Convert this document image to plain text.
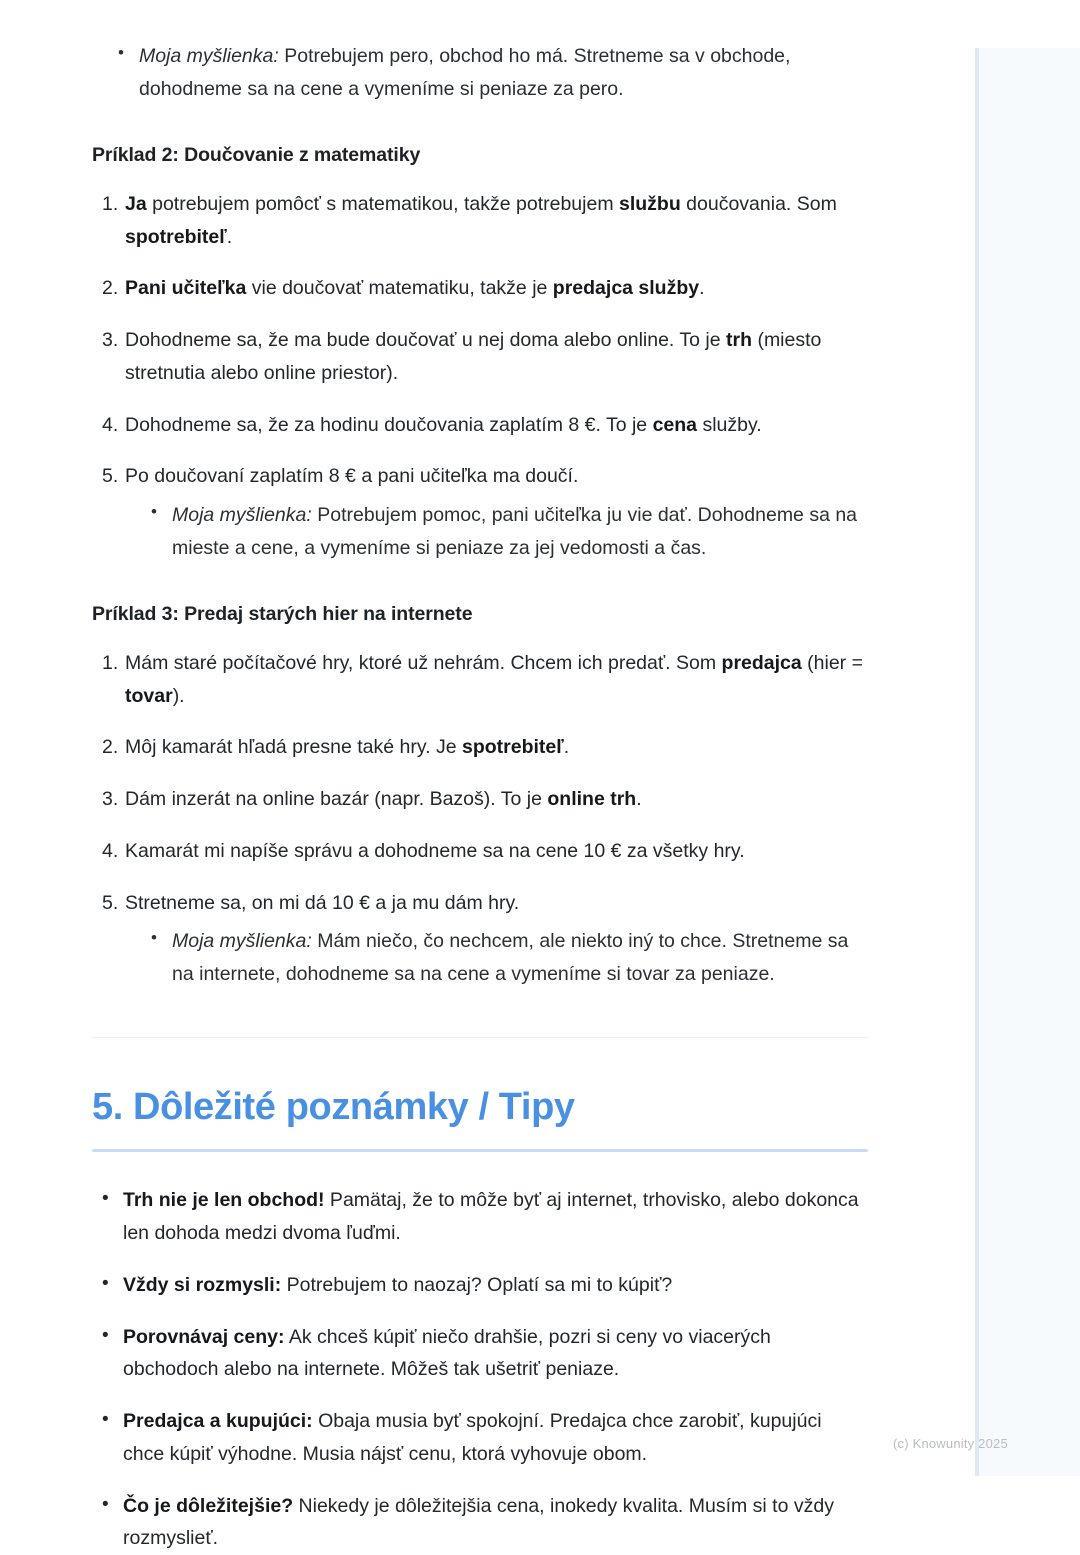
• Moja myšlienka: Potrebujem pero, obchod ho má. Stretneme sa v obchode, dohodneme sa na cene a vymeníme si peniaze za pero.
Príklad 2: Doučovanie z matematiky
Ja potrebujem pomôcť s matematikou, takže potrebujem službu doučovania. Som spotrebiteľ.
Pani učiteľka vie doučovať matematiku, takže je predajca služby.
Dohodneme sa, že ma bude doučovať u nej doma alebo online. To je trh (miesto stretnutia alebo online priestor).
Dohodneme sa, že za hodinu doučovania zaplatím 8 €. To je cena služby.
Po doučovaní zaplatím 8 € a pani učiteľka ma doučí.
• Moja myšlienka: Potrebujem pomoc, pani učiteľka ju vie dať. Dohodneme sa na mieste a cene, a vymeníme si peniaze za jej vedomosti a čas.
Príklad 3: Predaj starých hier na internete
Mám staré počítačové hry, ktoré už nehrám. Chcem ich predať. Som predajca (hier = tovar).
Môj kamarát hľadá presne také hry. Je spotrebiteľ.
Dám inzerát na online bazár (napr. Bazoš). To je online trh.
Kamarát mi napíše správu a dohodneme sa na cene 10 € za všetky hry.
Stretneme sa, on mi dá 10 € a ja mu dám hry.
• Moja myšlienka: Mám niečo, čo nechcem, ale niekto iný to chce. Stretneme sa na internete, dohodneme sa na cene a vymeníme si tovar za peniaze.
5. Dôležité poznámky / Tipy
• Trh nie je len obchod! Pamätaj, že to môže byť aj internet, trhovisko, alebo dokonca len dohoda medzi dvoma ľuďmi.
• Vždy si rozmysli: Potrebujem to naozaj? Oplatí sa mi to kúpiť?
• Porovnávaj ceny: Ak chceš kúpiť niečo drahšie, pozri si ceny vo viacerých obchodoch alebo na internete. Môžeš tak ušetriť peniaze.
• Predajca a kupujúci: Obaja musia byť spokojní. Predajca chce zarobiť, kupujúci chce kúpiť výhodne. Musia nájsť cenu, ktorá vyhovuje obom.
• Čo je dôležitejšie? Niekedy je dôležitejšia cena, inokedy kvalita. Musím si to vždy rozmyslieť.
(c) Knowunity 2025
